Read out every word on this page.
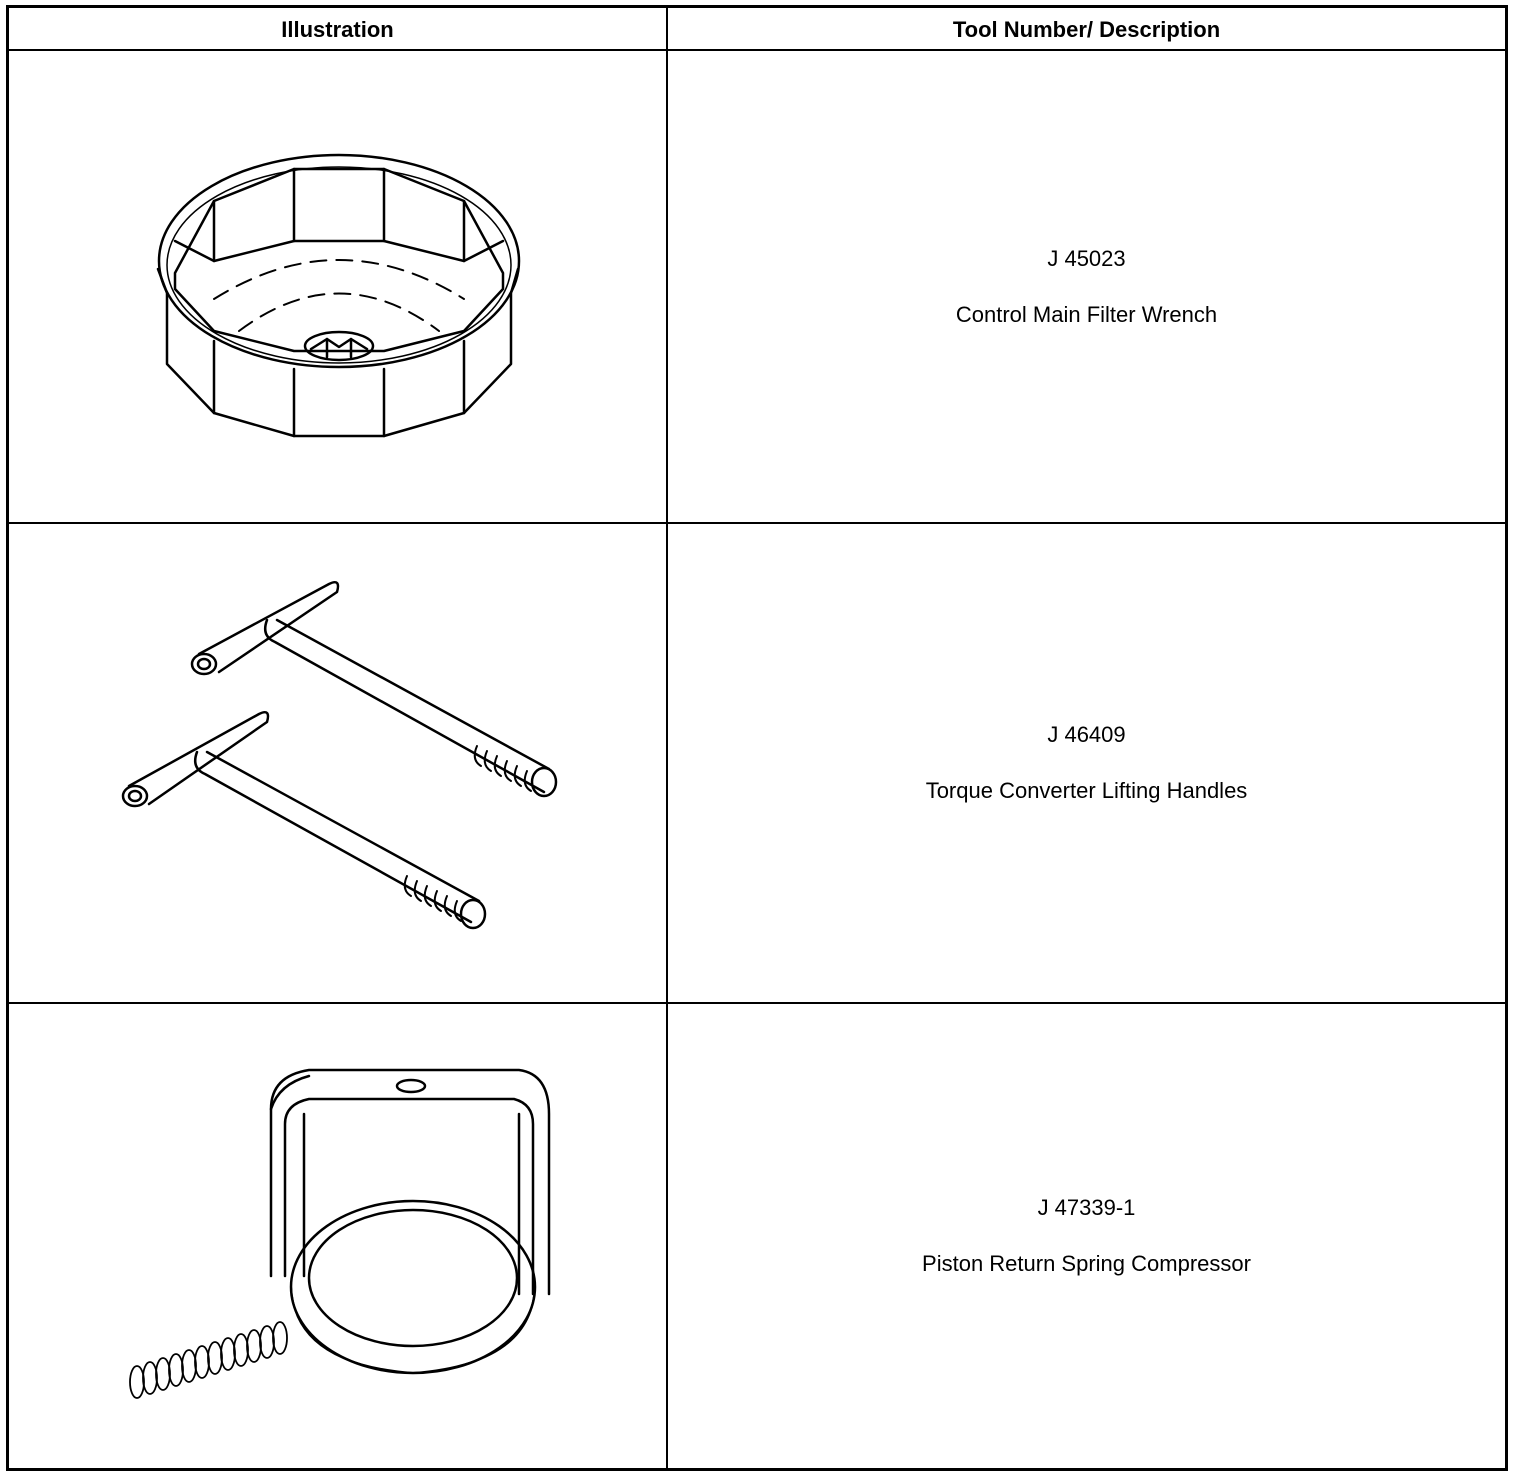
Illustration	Tool Number/ Description
J 45023
Control Main Filter Wrench
J 46409
Torque Converter Lifting Handles
J 47339-1
Piston Return Spring Compressor
